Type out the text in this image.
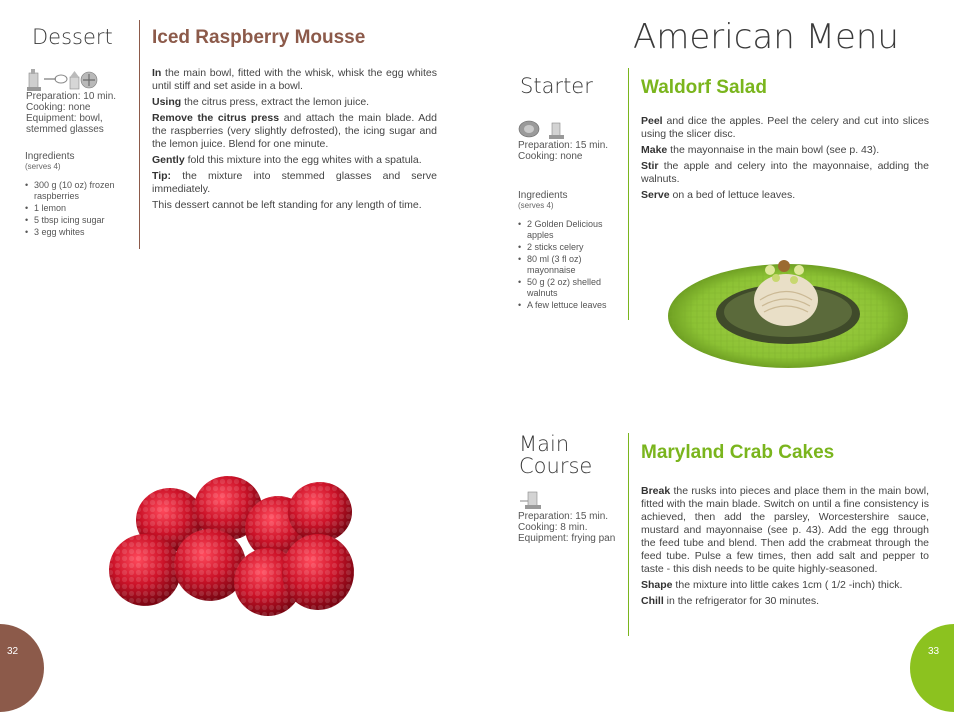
Dessert
Preparation: 10 min.
Cooking: none
Equipment: bowl,
stemmed glasses
Ingredients
(serves 4)
• 300 g (10 oz) frozen raspberries
• 1 lemon
• 5 tbsp icing sugar
• 3 egg whites
Iced Raspberry Mousse

In the main bowl, fitted with the whisk, whisk the egg whites until stiff and set aside in a bowl.

Using the citrus press, extract the lemon juice.

Remove the citrus press and attach the main blade. Add the raspberries (very slightly defrosted), the icing sugar and the lemon juice. Blend for one minute.

Gently fold this mixture into the egg whites with a spatula.

Tip: the mixture into stemmed glasses and serve immediately.

This dessert cannot be left standing for any length of time.

32
American Menu
Starter
Preparation: 15 min.
Cooking: none
Ingredients
(serves 4)
• 2 Golden Delicious apples
• 2 sticks celery
• 80 ml (3 fl oz) mayonnaise
• 50 g (2 oz) shelled walnuts
• A few lettuce leaves
Waldorf Salad

Peel and dice the apples. Peel the celery and cut into slices using the slicer disc.

Make the mayonnaise in the main bowl (see p. 43).

Stir the apple and celery into the mayonnaise, adding the walnuts.

Serve on a bed of lettuce leaves.

Main
Course
Preparation: 15 min.
Cooking: 8 min.
Equipment: frying pan
Maryland Crab Cakes

Break the rusks into pieces and place them in the main bowl, fitted with the main blade. Switch on until a fine consistency is achieved, then add the parsley, Worcestershire sauce, mustard and mayonnaise (see p. 43). Add the egg through the feed tube and blend. Then add the crabmeat through the feed tube. Pulse a few times, then add salt and pepper to taste - this dish needs to be quite highly-seasoned.

Shape the mixture into little cakes 1cm ( 1/2 -inch) thick.

Chill in the refrigerator for 30 minutes.

33
